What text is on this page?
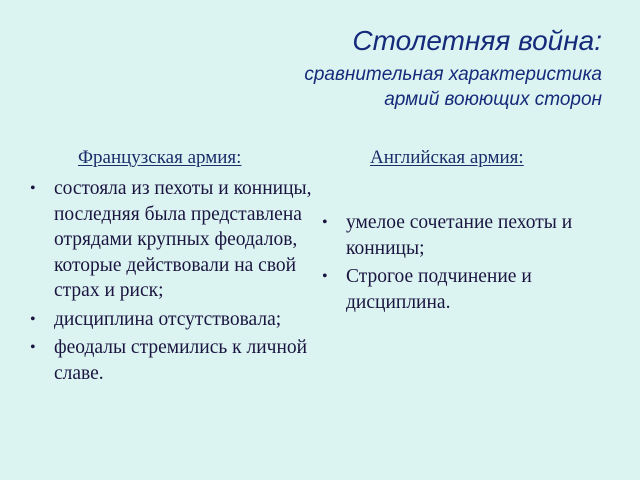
Столетняя война:
сравнительная характеристика
армий воюющих сторон
Французская армия:	Английская армия:
• состояла из пехоты и конницы, последняя была представлена отрядами крупных феодалов, которые действовали на свой страх и риск;
• дисциплина отсутствовала;
• феодалы стремились к личной славе.
• умелое сочетание пехоты и конницы;
• Строгое подчинение и дисциплина.
